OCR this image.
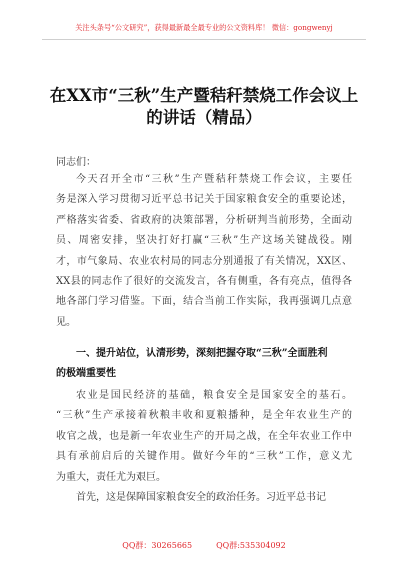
关注头条号“公文研究”，获得最新最全最专业的公文资料库！ 微信：gongwenyj
在XX市“三秋”生产暨秸秆禁烧工作会议上
的讲话（精品）
同志们：
今天召开全市“三秋”生产暨秸秆禁烧工作会议，主要任
务是深入学习贯彻习近平总书记关于国家粮食安全的重要论述，
严格落实省委、省政府的决策部署，分析研判当前形势，全面动
员、周密安排，坚决打好打赢“三秋”生产这场关键战役。刚
才，市气象局、农业农村局的同志分别通报了有关情况，XX区、
XX县的同志作了很好的交流发言，各有侧重，各有亮点，值得各
地各部门学习借鉴。下面，结合当前工作实际，我再强调几点意
见。
一、提升站位，认清形势，深刻把握夺取“三秋”全面胜利
的极端重要性
农业是国民经济的基础，粮食安全是国家安全的基石。
“三秋”生产承接着秋粮丰收和夏粮播种，是全年农业生产的
收官之战，也是新一年农业生产的开局之战，在全年农业工作中
具有承前启后的关键作用。做好今年的“三秋”工作，意义尤
为重大，责任尤为艰巨。
首先，这是保障国家粮食安全的政治任务。习近平总书记
QQ群：30265665	QQ群:535304092
